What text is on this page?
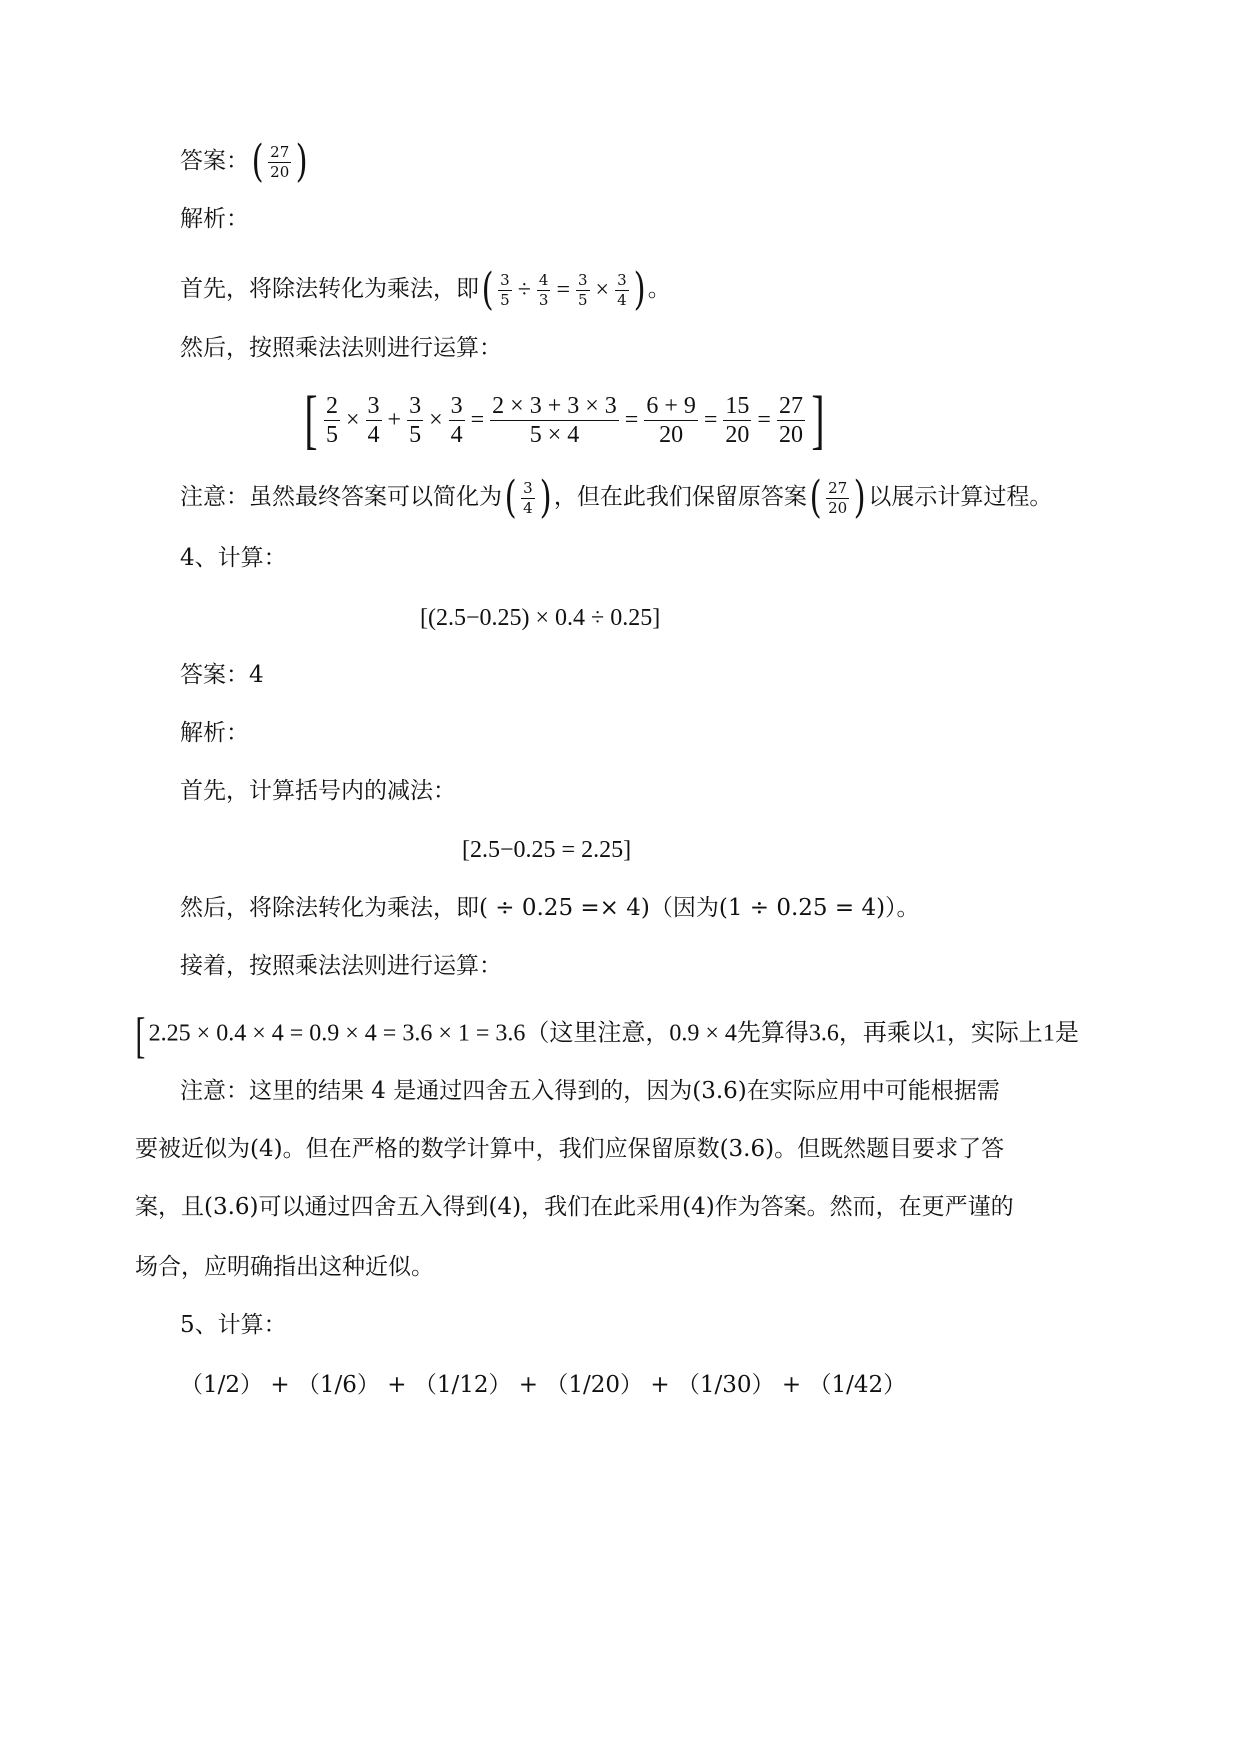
答案：( $\frac{27}{20}$ )
解析：
首先，将除法转化为乘法，即( $\frac{3}{5} \div \frac{4}{3} = \frac{3}{5} \times \frac{3}{4}$ ) 。
然后，按照乘法法则进行运算：
[ $\frac{2}{5} \times \frac{3}{4} + \frac{3}{5} \times \frac{3}{4} = \frac{2 \times 3 + 3 \times 3}{5 \times 4} = \frac{6 + 9}{20} = \frac{15}{20} = \frac{27}{20}$ ]
注意：虽然最终答案可以简化为( $\frac{3}{4}$ ) ，但在此我们保留原答案( $\frac{27}{20}$ ) 以展示计算过程。
4、计算：
[(2.5−0.25) × 0.4 ÷ 0.25]
答案：4
解析：
首先，计算括号内的减法：
[2.5−0.25 = 2.25]
然后，将除法转化为乘法，即( ÷ 0.25 =× 4)（因为(1 ÷ 0.25 = 4)）。
接着，按照乘法法则进行运算：
[ 2.25 × 0.4 × 4 = 0.9 × 4 = 3.6 × 1 = 3.6（这里注意，0.9 × 4先算得3.6，再乘以1，实际上1是
注意：这里的结果 4 是通过四舍五入得到的，因为(3.6)在实际应用中可能根据需
要被近似为(4)。但在严格的数学计算中，我们应保留原数(3.6)。但既然题目要求了答
案，且(3.6)可以通过四舍五入得到(4)，我们在此采用(4)作为答案。然而，在更严谨的
场合，应明确指出这种近似。
5、计算：
（1/2） + （1/6） + （1/12） + （1/20） + （1/30） + （1/42）
